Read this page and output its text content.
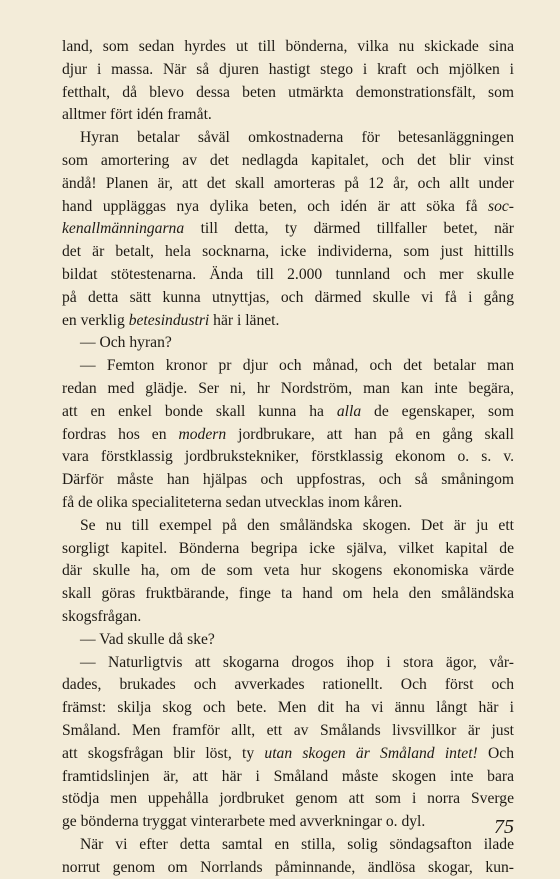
land, som sedan hyrdes ut till bönderna, vilka nu skickade sina
djur i massa. När så djuren hastigt stego i kraft och mjölken i
fetthalt, då blevo dessa beten utmärkta demonstrationsfält, som
alltmer fört idén framåt.
Hyran betalar såväl omkostnaderna för betesanläggningen
som amortering av det nedlagda kapitalet, och det blir vinst
ändå! Planen är, att det skall amorteras på 12 år, och allt under
hand uppläggas nya dylika beten, och idén är att söka få soc-
kenallmänningarna till detta, ty därmed tillfaller betet, när
det är betalt, hela socknarna, icke individerna, som just hittills
bildat stötestenarna. Ända till 2.000 tunnland och mer skulle
på detta sätt kunna utnyttjas, och därmed skulle vi få i gång
en verklig betesindustri här i länet.
— Och hyran?
— Femton kronor pr djur och månad, och det betalar man
redan med glädje. Ser ni, hr Nordström, man kan inte begära,
att en enkel bonde skall kunna ha alla de egenskaper, som
fordras hos en modern jordbrukare, att han på en gång skall
vara förstklassig jordbrukstekniker, förstklassig ekonom o. s. v.
Därför måste han hjälpas och uppfostras, och så småningom
få de olika specialiteterna sedan utvecklas inom kåren.
Se nu till exempel på den småländska skogen. Det är ju ett
sorgligt kapitel. Bönderna begripa icke själva, vilket kapital de
där skulle ha, om de som veta hur skogens ekonomiska värde
skall göras fruktbärande, finge ta hand om hela den småländska
skogsfrågan.
— Vad skulle då ske?
— Naturligtvis att skogarna drogos ihop i stora ägor, vår-
dades, brukades och avverkades rationellt. Och först och
främst: skilja skog och bete. Men dit ha vi ännu långt här i
Småland. Men framför allt, ett av Smålands livsvillkor är just
att skogsfrågan blir löst, ty utan skogen är Småland intet! Och
framtidslinjen är, att här i Småland måste skogen inte bara
stödja men uppehålla jordbruket genom att som i norra Sverge
ge bönderna tryggat vinterarbete med avverkningar o. dyl.
När vi efter detta samtal en stilla, solig söndagsafton ilade
norrut genom om Norrlands påminnande, ändlösa skogar, kun-
75
